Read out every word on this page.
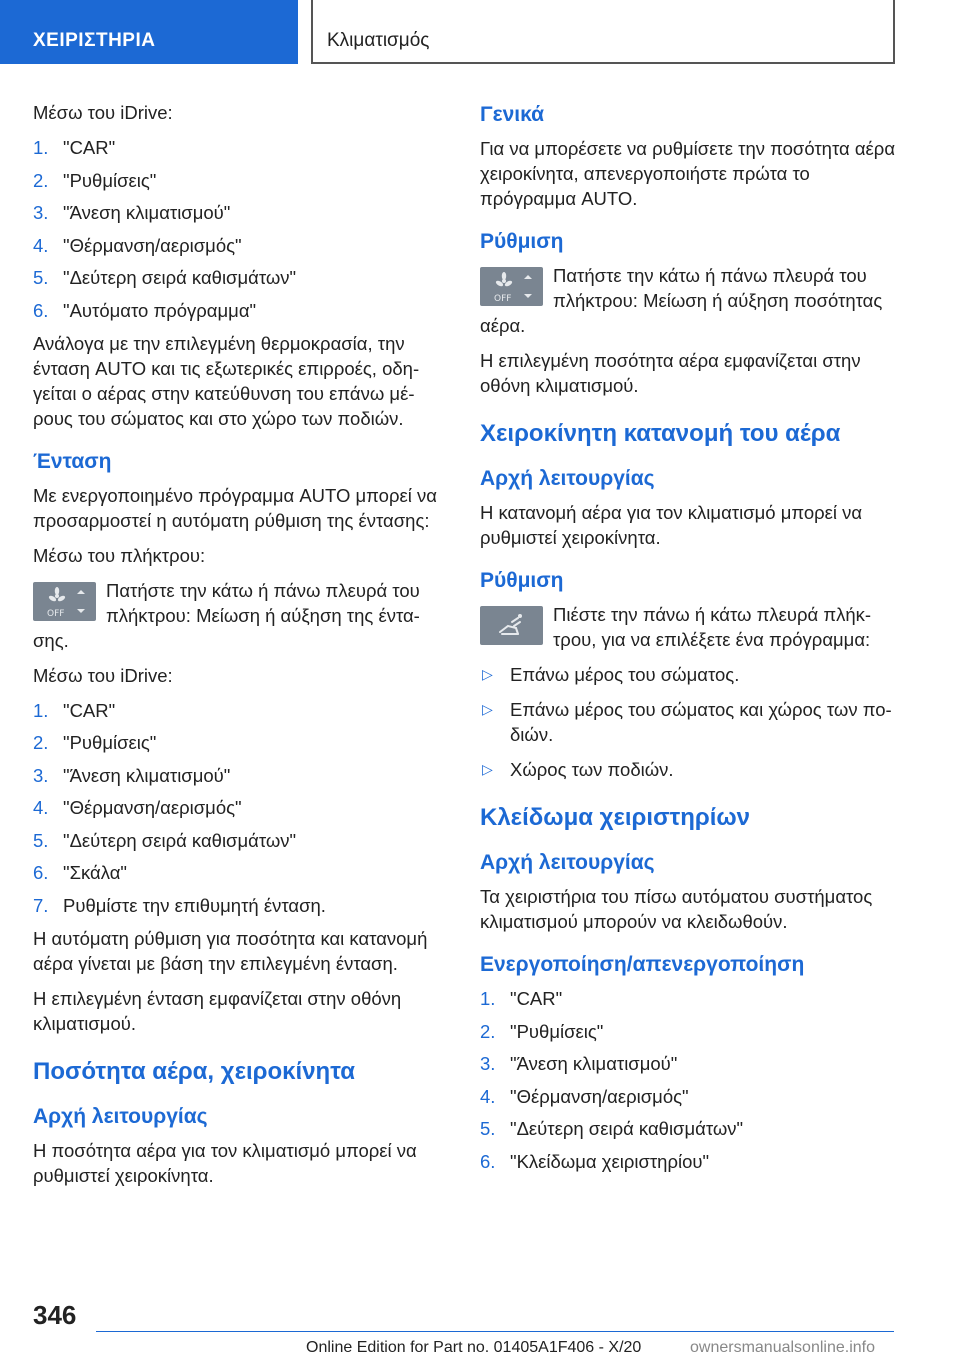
ΧΕΙΡΙΣΤΗΡΙΑ	Κλιματισμός

Μέσω του iDrive:

1. "CAR"
2. "Ρυθμίσεις"
3. "Άνεση κλιματισμού"
4. "Θέρμανση/αερισμός"
5. "Δεύτερη σειρά καθισμάτων"
6. "Αυτόματο πρόγραμμα"

Ανάλογα με την επιλεγμένη θερμοκρασία, την ένταση AUTO και τις εξωτερικές επιρροές, οδη-γείται ο αέρας στην κατεύθυνση του επάνω μέ-ρους του σώματος και στο χώρο των ποδιών.

Ένταση

Με ενεργοποιημένο πρόγραμμα AUTO μπορεί να προσαρμοστεί η αυτόματη ρύθμιση της έντασης:

Μέσω του πλήκτρου:

OFF
Πατήστε την κάτω ή πάνω πλευρά του πλήκτρου: Μείωση ή αύξηση της έντα-σης.

Μέσω του iDrive:

1. "CAR"
2. "Ρυθμίσεις"
3. "Άνεση κλιματισμού"
4. "Θέρμανση/αερισμός"
5. "Δεύτερη σειρά καθισμάτων"
6. "Σκάλα"
7. Ρυθμίστε την επιθυμητή ένταση.

Η αυτόματη ρύθμιση για ποσότητα και κατανομή αέρα γίνεται με βάση την επιλεγμένη ένταση.

Η επιλεγμένη ένταση εμφανίζεται στην οθόνη κλιματισμού.

Ποσότητα αέρα, χειροκίνητα
Αρχή λειτουργίας

Η ποσότητα αέρα για τον κλιματισμό μπορεί να ρυθμιστεί χειροκίνητα.

Γενικά

Για να μπορέσετε να ρυθμίσετε την ποσότητα αέρα χειροκίνητα, απενεργοποιήστε πρώτα το πρόγραμμα AUTO.

Ρύθμιση
OFF
Πατήστε την κάτω ή πάνω πλευρά του πλήκτρου: Μείωση ή αύξηση ποσότητας αέρα.

Η επιλεγμένη ποσότητα αέρα εμφανίζεται στην οθόνη κλιματισμού.

Χειροκίνητη κατανομή του αέρα
Αρχή λειτουργίας

Η κατανομή αέρα για τον κλιματισμό μπορεί να ρυθμιστεί χειροκίνητα.

Ρύθμιση
Πιέστε την πάνω ή κάτω πλευρά πλήκ-τρου, για να επιλέξετε ένα πρόγραμμα:
▷ Επάνω μέρος του σώματος.
▷ Επάνω μέρος του σώματος και χώρος των πο-διών.
▷ Χώρος των ποδιών.
Κλείδωμα χειριστηρίων
Αρχή λειτουργίας

Τα χειριστήρια του πίσω αυτόματου συστήματος κλιματισμού μπορούν να κλειδωθούν.

Ενεργοποίηση/απενεργοποίηση
1. "CAR"
2. "Ρυθμίσεις"
3. "Άνεση κλιματισμού"
4. "Θέρμανση/αερισμός"
5. "Δεύτερη σειρά καθισμάτων"
6. "Κλείδωμα χειριστηρίου"
346
Online Edition for Part no. 01405A1F406 - X/20	ownersmanualsonline.info
